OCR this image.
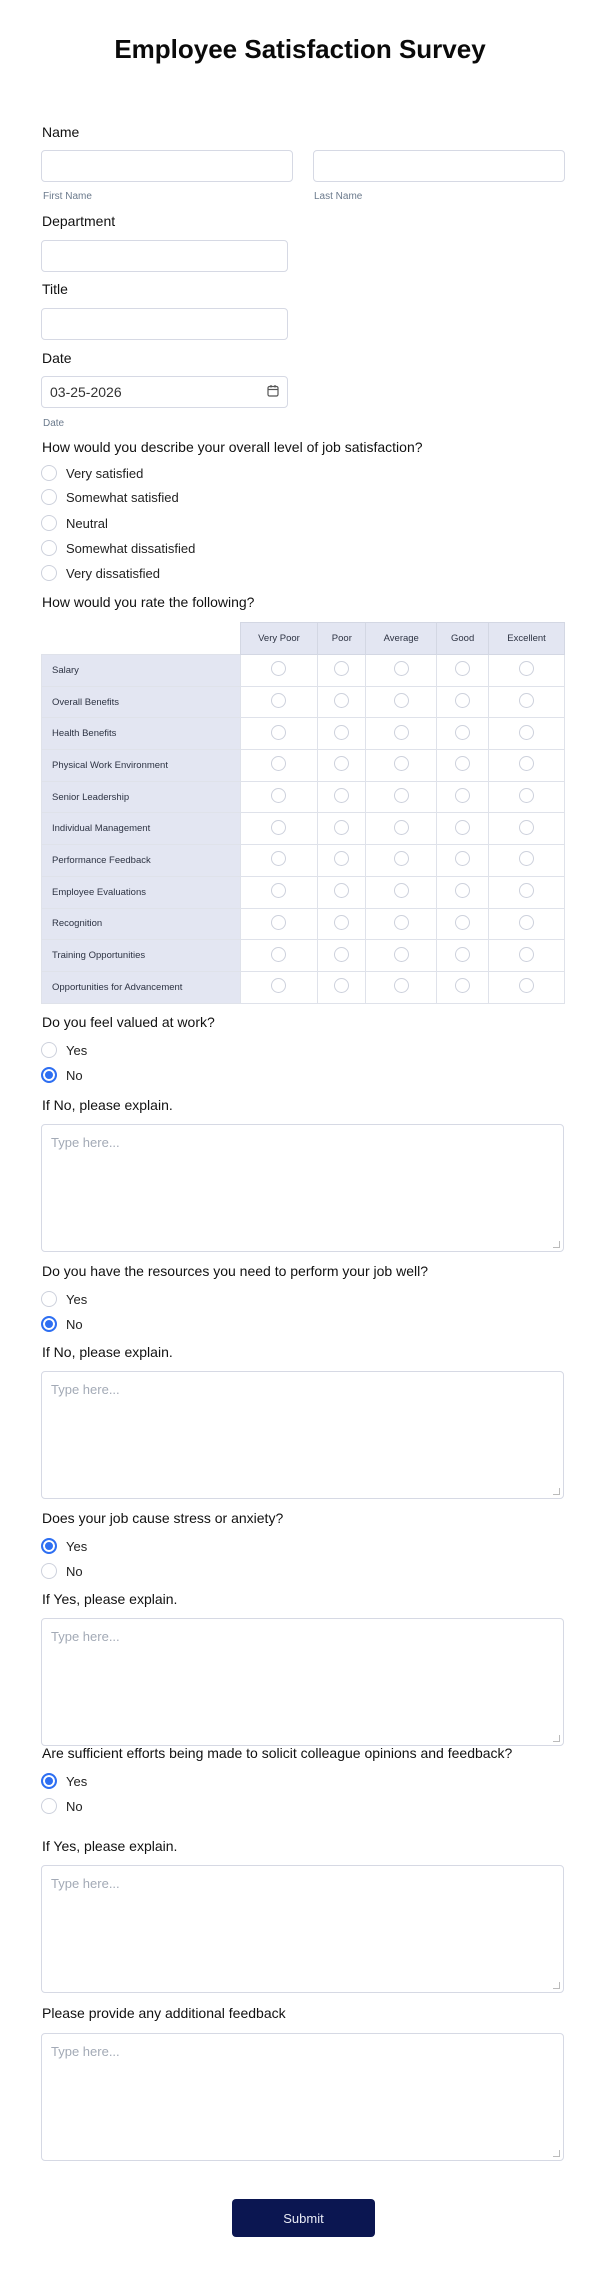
Employee Satisfaction Survey
Name
First Name	Last Name
Department
Title
Date
03-25-2026
Date
How would you describe your overall level of job satisfaction?
Very satisfied
Somewhat satisfied
Neutral
Somewhat dissatisfied
Very dissatisfied
How would you rate the following?
	Very Poor	Poor	Average	Good	Excellent
Salary					
Overall Benefits					
Health Benefits					
Physical Work Environment					
Senior Leadership					
Individual Management					
Performance Feedback					
Employee Evaluations					
Recognition					
Training Opportunities					
Opportunities for Advancement					
Do you feel valued at work?
Yes
No
If No, please explain.
Type here...
Do you have the resources you need to perform your job well?
Yes
No
If No, please explain.
Type here...
Does your job cause stress or anxiety?
Yes
No
If Yes, please explain.
Type here...
Are sufficient efforts being made to solicit colleague opinions and feedback?
Yes
No
If Yes, please explain.
Type here...
Please provide any additional feedback
Type here...
Submit
